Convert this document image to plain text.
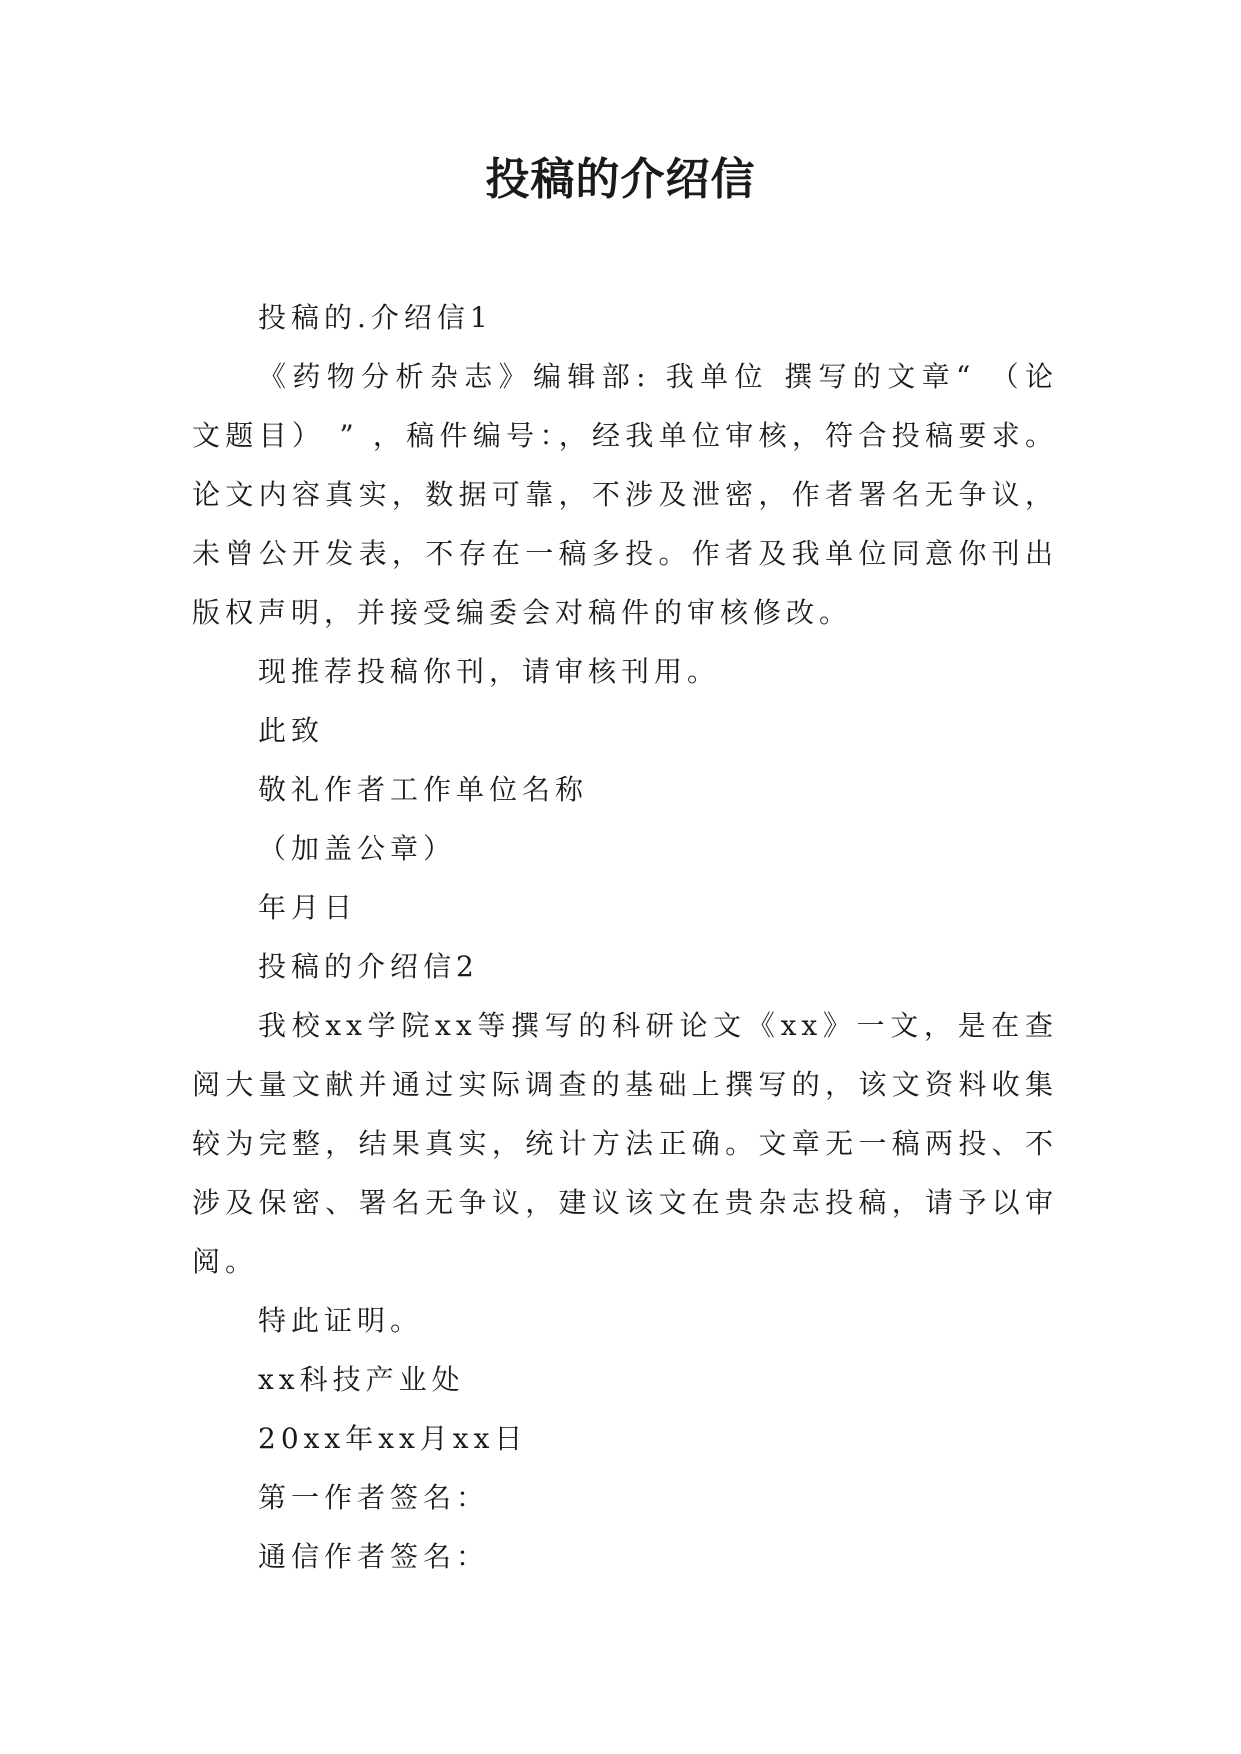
投稿的介绍信

投稿的.介绍信1

《药物分析杂志》编辑部: 我单位 撰写的文章“ （论文题目） ” ，稿件编号：，经我单位审核，符合投稿要求。论文内容真实，数据可靠，不涉及泄密，作者署名无争议，未曾公开发表，不存在一稿多投。作者及我单位同意你刊出版权声明，并接受编委会对稿件的审核修改。

现推荐投稿你刊，请审核刊用。

此致

敬礼作者工作单位名称

（加盖公章）

年月日

投稿的介绍信2

我校xx学院xx等撰写的科研论文《xx》一文，是在查阅大量文献并通过实际调查的基础上撰写的，该文资料收集较为完整，结果真实，统计方法正确。文章无一稿两投、不涉及保密、署名无争议，建议该文在贵杂志投稿，请予以审阅。

特此证明。

xx科技产业处

20xx年xx月xx日

第一作者签名：

通信作者签名：
